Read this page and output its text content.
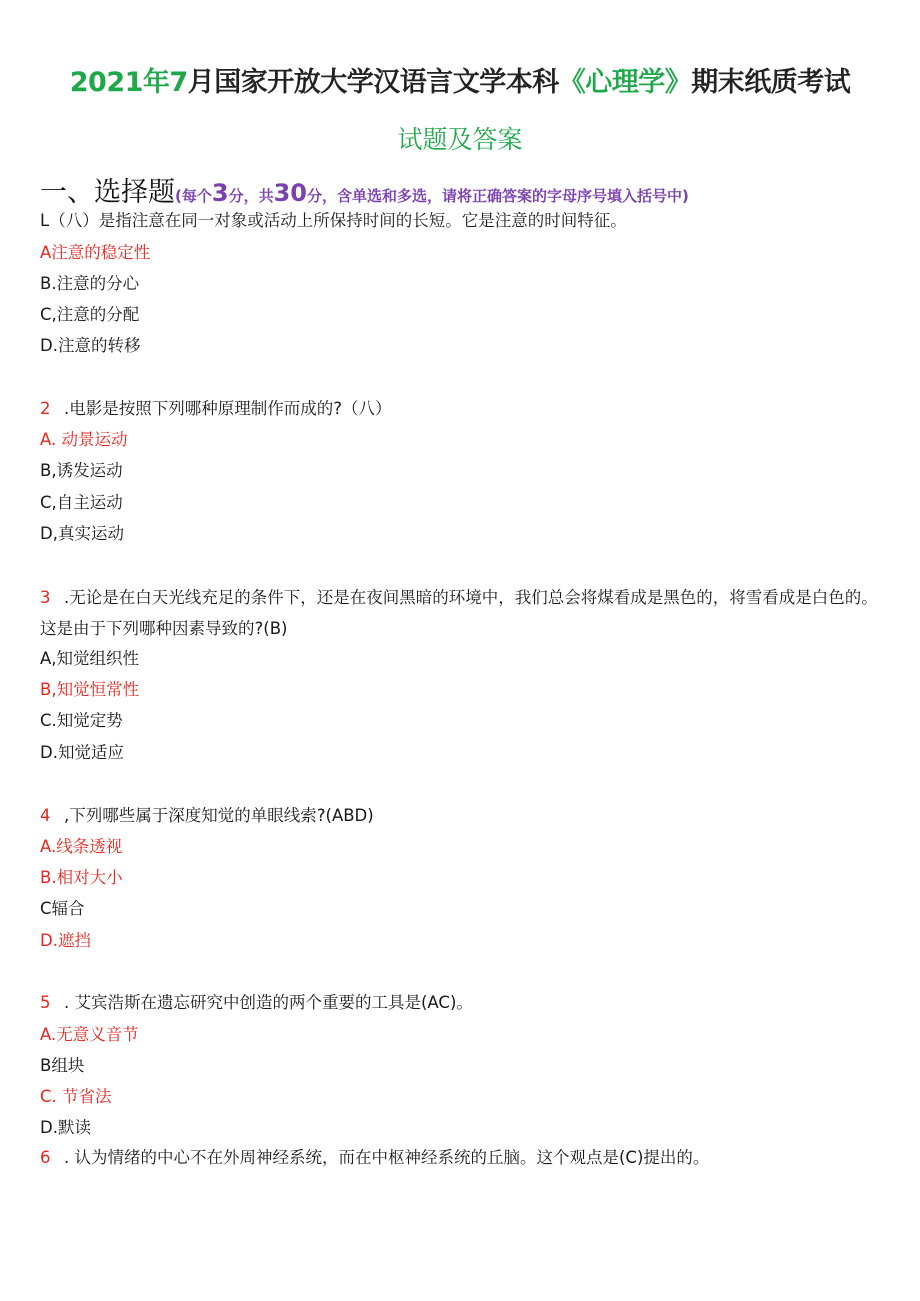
2021年7月国家开放大学汉语言文学本科《心理学》期末纸质考试
试题及答案
一、选择题(每个3分，共30分，含单选和多选，请将正确答案的字母序号填入括号中)
L（八）是指注意在同一对象或活动上所保持时间的长短。它是注意的时间特征。
A注意的稳定性
B.注意的分心
C,注意的分配
D.注意的转移
2 .电影是按照下列哪种原理制作而成的?（八）
A. 动景运动
B,诱发运动
C,自主运动
D,真实运动
3 .无论是在白天光线充足的条件下，还是在夜间黑暗的环境中，我们总会将煤看成是黑色的，将雪看成是白色的。这是由于下列哪种因素导致的?(B)
A,知觉组织性
B,知觉恒常性
C.知觉定势
D.知觉适应
4 ,下列哪些属于深度知觉的单眼线索?(ABD)
A.线条透视
B.相对大小
C辐合
D.遮挡
5 . 艾宾浩斯在遗忘研究中创造的两个重要的工具是(AC)。
A.无意义音节
B组块
C. 节省法
D.默读
6 . 认为情绪的中心不在外周神经系统，而在中枢神经系统的丘脑。这个观点是(C)提出的。
